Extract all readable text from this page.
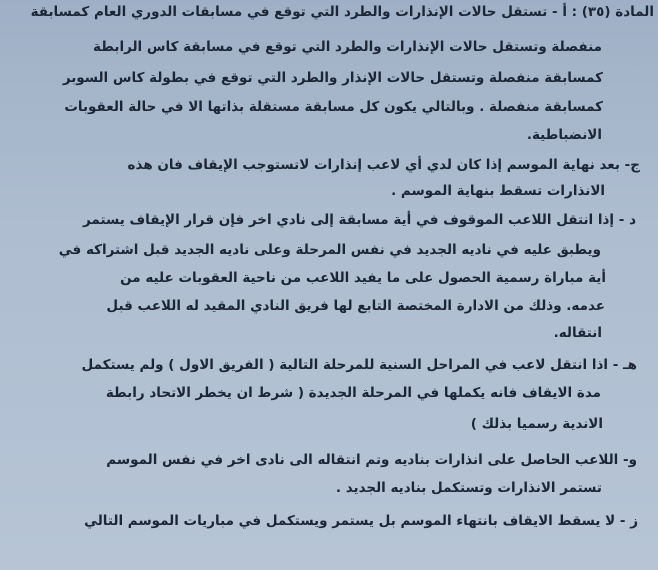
المادة (٣٥) : أ - تستقل حالات الإنذارات والطرد التي توقع في مسابقات الدوري العام كمسابقة

منفصلة وتستقل حالات الإنذارات والطرد التي توقع في مسابقة كاس الرابطة

كمسابقة منفصلة وتستقل حالات الإنذار والطرد التي توقع في بطولة كاس السوبر

كمسابقة منفصلة . وبالتالي يكون كل مسابقة مستقلة بذاتها الا في حالة العقوبات

الانضباطية.

ج- بعد نهاية الموسم إذا كان لدي أي لاعب إنذارات لاتستوجب الإيقاف فان هذه

الانذارات تسقط بنهاية الموسم .

د - إذا انتقل اللاعب الموقوف في أية مسابقة إلى نادي اخر فإن قرار الإيقاف يستمر

ويطبق عليه في ناديه الجديد في نفس المرحلة وعلى ناديه الجديد قبل اشتراكه في

أية مباراة رسمية الحصول على ما يفيد اللاعب من ناحية العقوبات عليه من

عدمه. وذلك من الادارة المختصة التابع لها فريق النادي المقيد له اللاعب قبل

انتقاله.

هـ - اذا انتقل لاعب في المراحل السنية للمرحلة التالية ( الفريق الاول ) ولم يستكمل

مدة الايقاف فانه يكملها في المرحلة الجديدة ( شرط ان يخطر الاتحاد رابطة

الاندية رسميا بذلك )

و- اللاعب الحاصل على انذارات بناديه وتم انتقاله الى نادى اخر في نفس الموسم

تستمر الانذارات وتستكمل بناديه الجديد .

ز - لا يسقط الايقاف بانتهاء الموسم بل يستمر ويستكمل في مباريات الموسم التالي
